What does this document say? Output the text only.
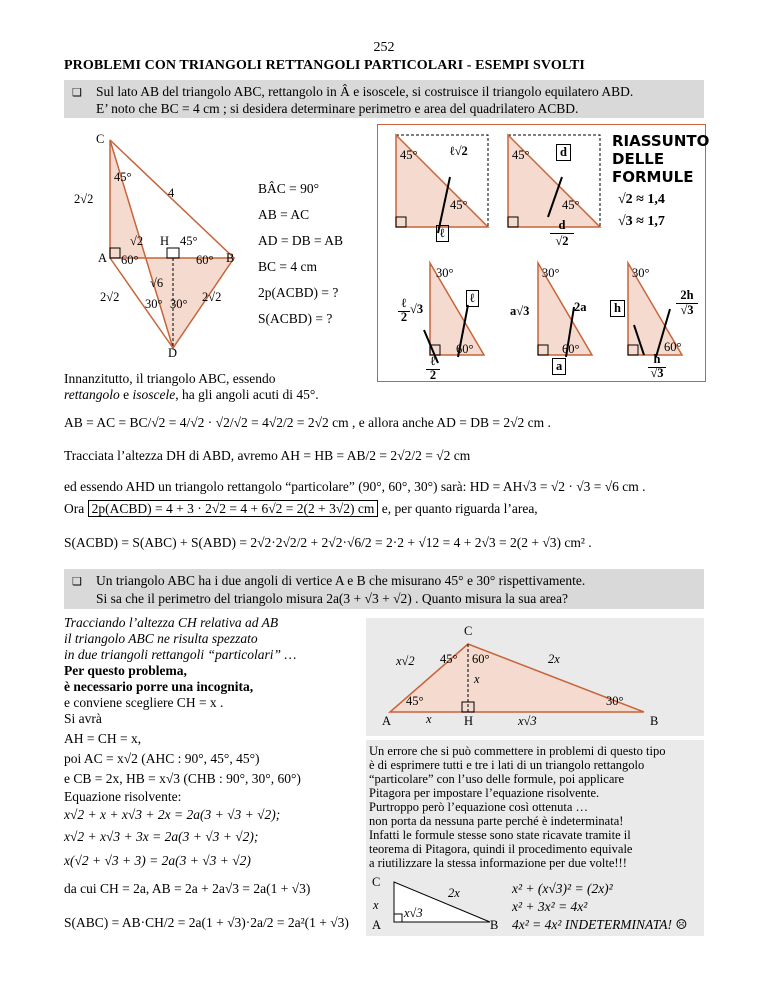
252
PROBLEMI CON TRIANGOLI RETTANGOLI PARTICOLARI - ESEMPI SVOLTI
❑ Sul lato AB del triangolo ABC, rettangolo in Â e isoscele, si costruisce il triangolo equilatero ABD.
E’ noto che BC = 4 cm ; si desidera determinare perimetro e area del quadrilatero ACBD.
C
45°
4
2√2
√2 H 45°
A 60°	60° B
√6
2√2 30° 30° 2√2
D
BÂC = 90°
AB = AC
AD = DB = AB
BC = 4 cm
2p(ACBD) = ?
S(ACBD) = ?
45°	ℓ√2
45°
ℓ
45°	d
45°
d
√2
RIASSUNTO
DELLE
FORMULE
√2 ≈ 1,4
√3 ≈ 1,7
30°
ℓ
60°
ℓ
2
√3
ℓ
2
30°
a√3	2a
60°
a
30°
h
2h
√3
60°
h
√3
Innanzitutto, il triangolo ABC, essendo
rettangolo e isoscele, ha gli angoli acuti di 45°.
AB = AC = BC/√2 = 4/√2 · √2/√2 = 4√2/2 = 2√2 cm , e allora anche AD = DB = 2√2 cm .
Tracciata l’altezza DH di ABD, avremo AH = HB = AB/2 = 2√2/2 = √2 cm
ed essendo AHD un triangolo rettangolo “particolare” (90°, 60°, 30°) sarà: HD = AH√3 = √2 · √3 = √6 cm .
Ora 2p(ACBD) = 4 + 3 · 2√2 = 4 + 6√2 = 2(2 + 3√2) cm e, per quanto riguarda l’area,
S(ACBD) = S(ABC) + S(ABD) = 2√2·2√2/2 + 2√2·√6/2 = 2·2 + √12 = 4 + 2√3 = 2(2 + √3) cm² .
❑ Un triangolo ABC ha i due angoli di vertice A e B che misurano 45° e 30° rispettivamente.
Si sa che il perimetro del triangolo misura 2a(3 + √3 + √2) . Quanto misura la sua area?
Tracciando l’altezza CH relativa ad AB
il triangolo ABC ne risulta spezzato
in due triangoli rettangoli “particolari” …
Per questo problema,
è necessario porre una incognita,
e conviene scegliere CH = x .
Si avrà
AH = CH = x,
poi AC = x√2 (AHC : 90°, 45°, 45°)
e CB = 2x, HB = x√3 (CHB : 90°, 30°, 60°)
Equazione risolvente:
x√2 + x + x√3 + 2x = 2a(3 + √3 + √2);
x√2 + x√3 + 3x = 2a(3 + √3 + √2);
x(√2 + √3 + 3) = 2a(3 + √3 + √2)
da cui CH = 2a, AB = 2a + 2a√3 = 2a(1 + √3)
S(ABC) = AB·CH/2 = 2a(1 + √3)·2a/2 = 2a²(1 + √3)
C
x√2 45° 60°	2x
x
45°	30°
A	x	H	x√3	B
Un errore che si può commettere in problemi di questo tipo
è di esprimere tutti e tre i lati di un triangolo rettangolo
“particolare” con l’uso delle formule, poi applicare
Pitagora per impostare l’equazione risolvente.
Purtroppo però l’equazione così ottenuta …
non porta da nessuna parte perché è indeterminata!
Infatti le formule stesse sono state ricavate tramite il
teorema di Pitagora, quindi il procedimento equivale
a riutilizzare la stessa informazione per due volte!!!
C
2x
x
x√3
A	B
x² + (x√3)² = (2x)²
x² + 3x² = 4x²
4x² = 4x² INDETERMINATA! ☹
